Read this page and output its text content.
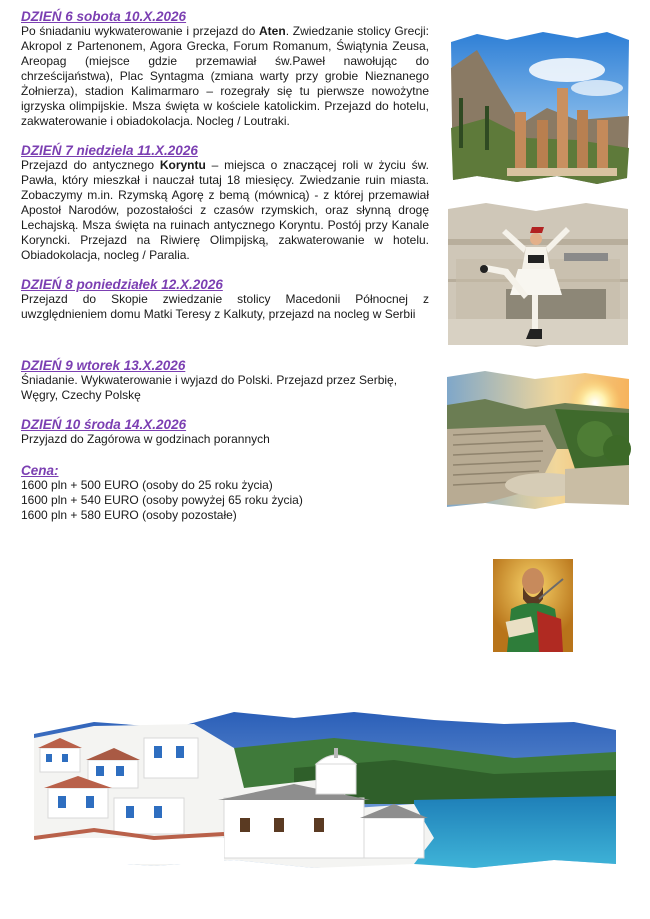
DZIEŃ 6 sobota 10.X.2026

Po śniadaniu wykwaterowanie i przejazd do Aten. Zwiedzanie stolicy Grecji: Akropol z Partenonem, Agora Grecka, Forum Romanum, Świątynia Zeusa, Areopag (miejsce gdzie przemawiał św.Paweł nawołując do chrześcijaństwa), Plac Syntagma (zmiana warty przy grobie Nieznanego Żołnierza), stadion Kalimarmaro – rozegrały się tu pierwsze nowożytne igrzyska olimpijskie. Msza święta w kościele katolickim. Przejazd do hotelu, zakwaterowanie i obiadokolacja. Nocleg / Loutraki.

DZIEŃ 7 niedziela 11.X.2026

Przejazd do antycznego Koryntu – miejsca o znaczącej roli w życiu św. Pawła, który mieszkał i nauczał tutaj 18 miesięcy. Zwiedzanie ruin miasta. Zobaczymy m.in. Rzymską Agorę z bemą (mównicą) - z której przemawiał Apostoł Narodów, pozostałości z czasów rzymskich, oraz słynną drogę Lechajską. Msza święta na ruinach antycznego Koryntu. Postój przy Kanale Koryncki. Przejazd na Riwierę Olimpijską, zakwaterowanie w hotelu. Obiadokolacja, nocleg / Paralia.

DZIEŃ 8 poniedziałek 12.X.2026

Przejazd do Skopie zwiedzanie stolicy Macedonii Północnej z uwzględnieniem domu Matki Teresy z Kalkuty, przejazd na nocleg w Serbii

DZIEŃ 9 wtorek 13.X.2026

Śniadanie. Wykwaterowanie i wyjazd do Polski. Przejazd przez Serbię, Węgry, Czechy Polskę

DZIEŃ 10 środa 14.X.2026

Przyjazd do Zagórowa w godzinach porannych

Cena:

1600 pln + 500 EURO (osoby do 25 roku życia)

1600 pln + 540 EURO (osoby powyżej 65 roku życia)

1600 pln + 580 EURO (osoby pozostałe)
